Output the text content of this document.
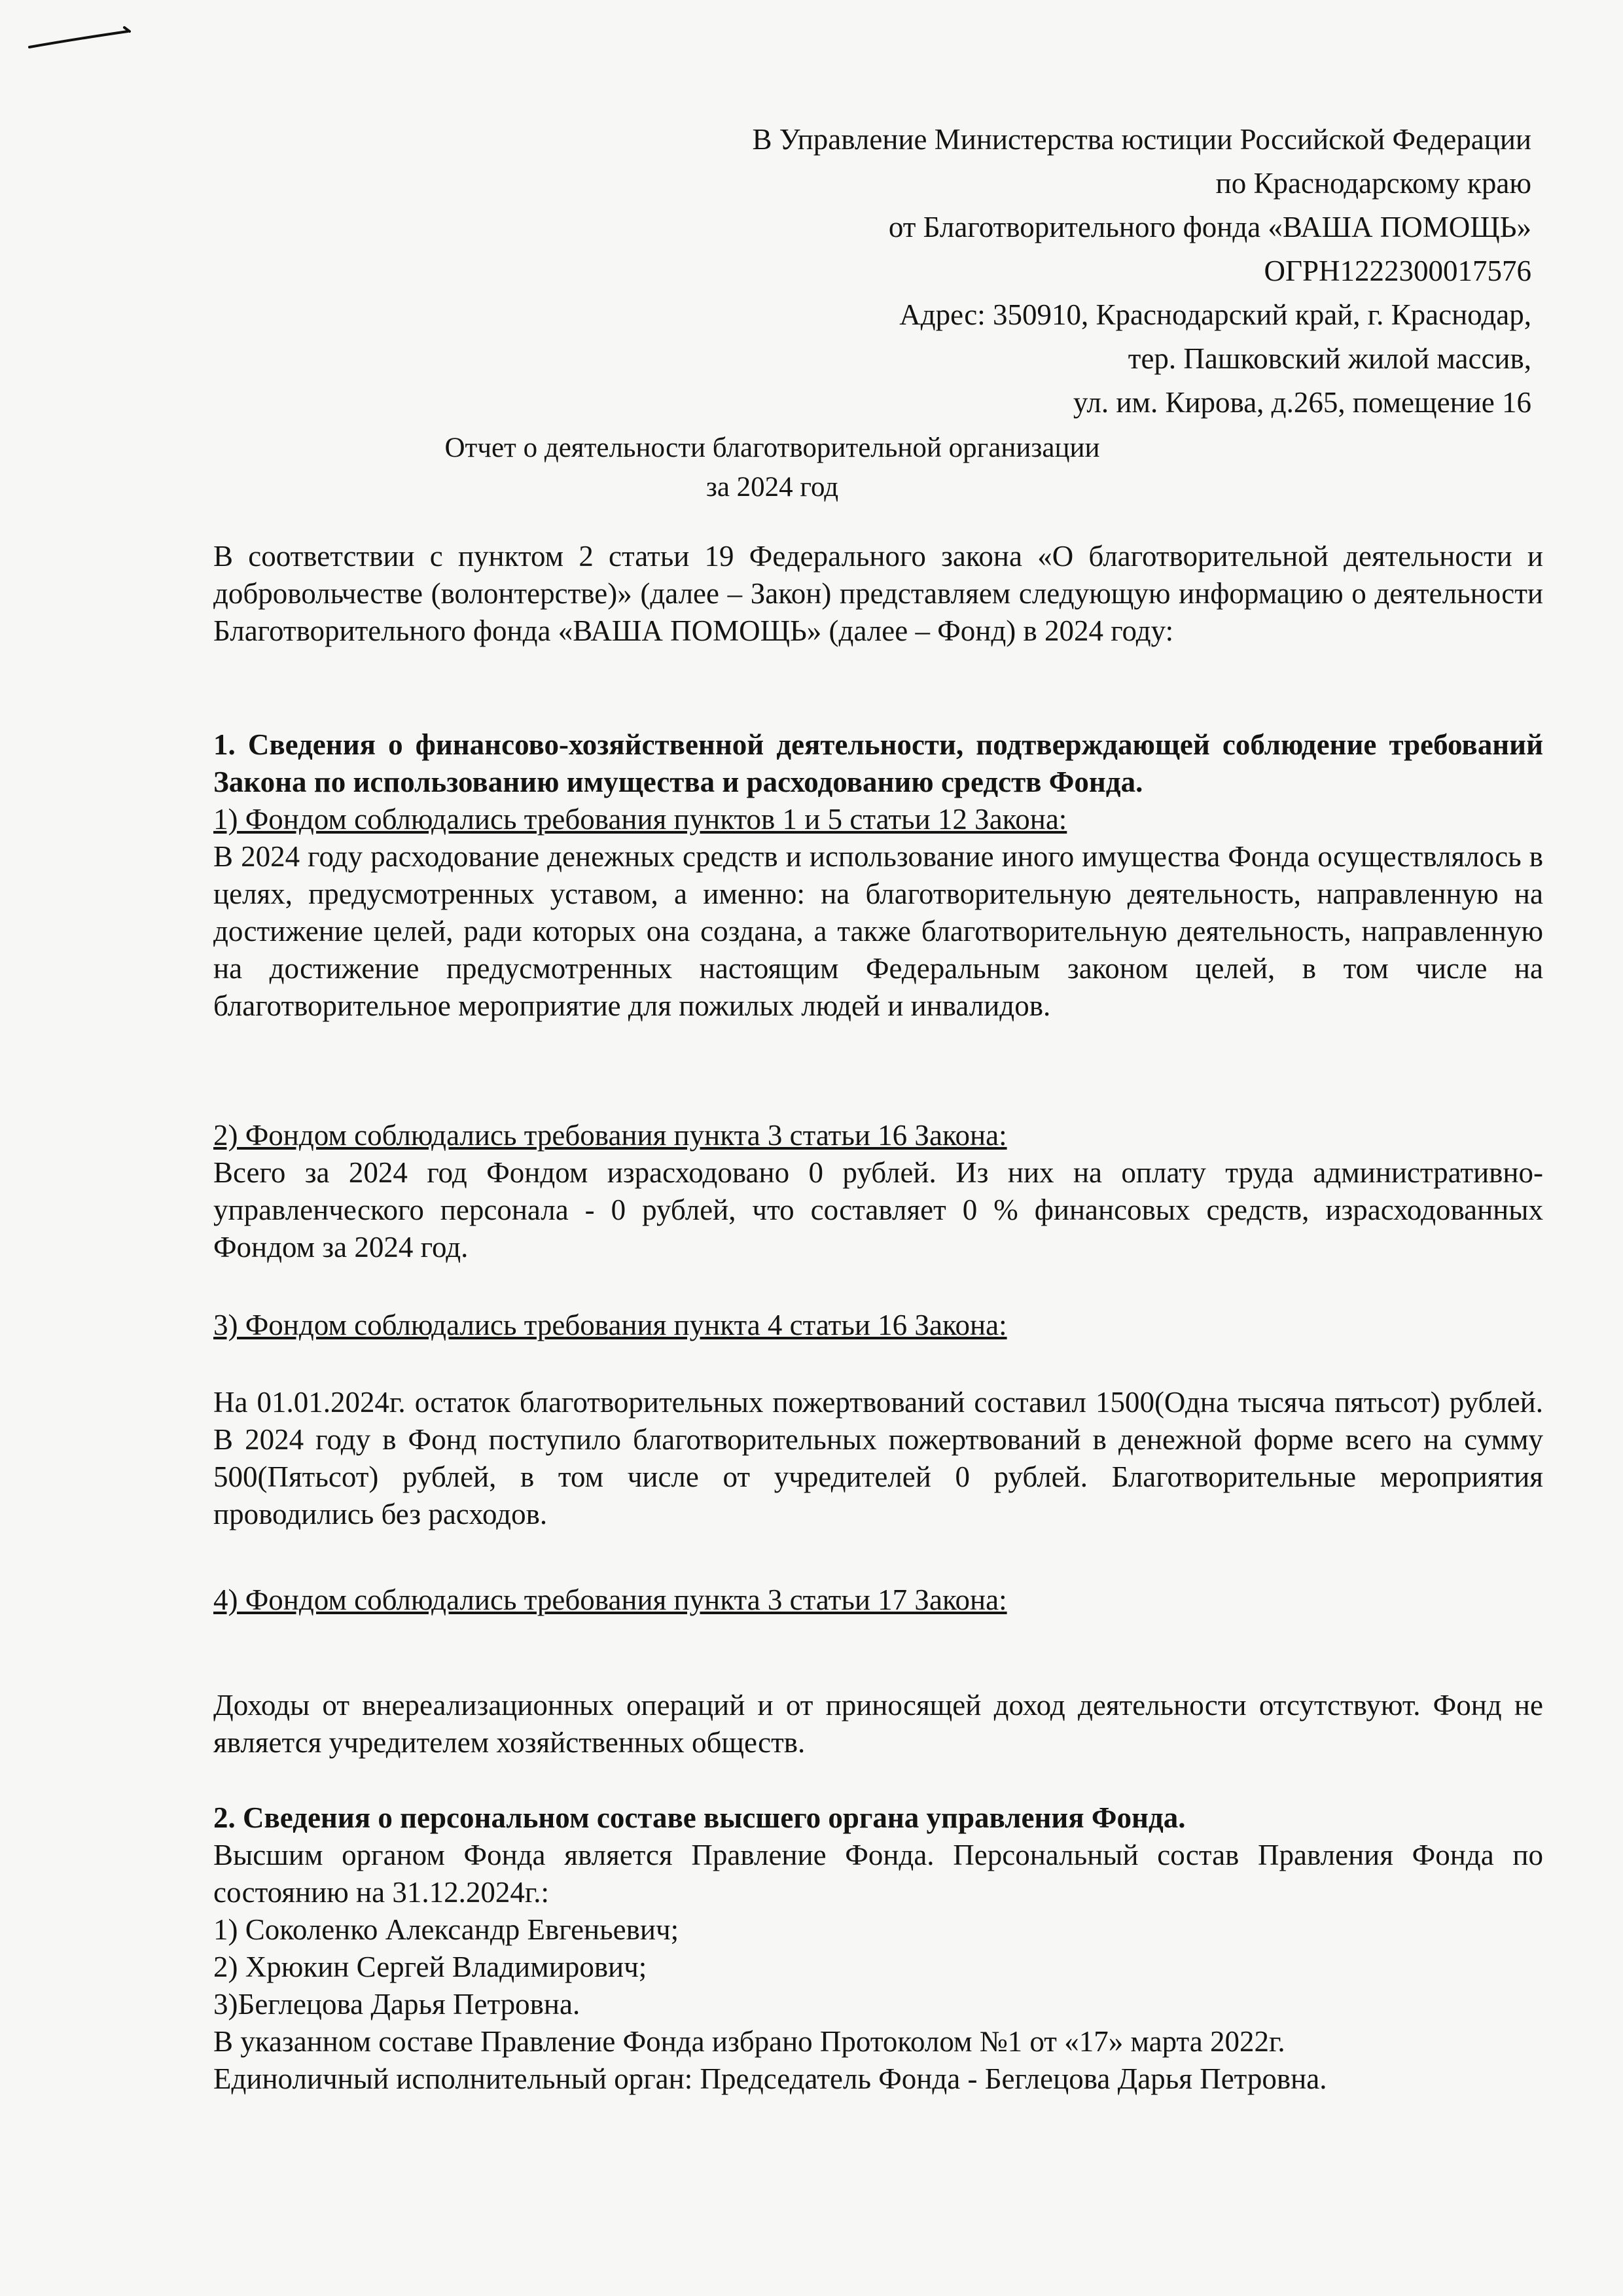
В Управление Министерства юстиции Российской Федерации
по Краснодарскому краю
от Благотворительного фонда «ВАША ПОМОЩЬ»
ОГРН1222300017576
Адрес: 350910, Краснодарский край, г. Краснодар,
тер. Пашковский жилой массив,
ул. им. Кирова, д.265, помещение 16
Отчет о деятельности благотворительной организации
за 2024 год

В соответствии с пунктом 2 статьи 19 Федерального закона «О благотворительной деятельности и добровольчестве (волонтерстве)» (далее – Закон) представляем следующую информацию о деятельности Благотворительного фонда «ВАША ПОМОЩЬ» (далее – Фонд) в 2024 году:

1. Сведения о финансово-хозяйственной деятельности, подтверждающей соблюдение требований Закона по использованию имущества и расходованию средств Фонда.

1) Фондом соблюдались требования пунктов 1 и 5 статьи 12 Закона:

В 2024 году расходование денежных средств и использование иного имущества Фонда осуществлялось в целях, предусмотренных уставом, а именно: на благотворительную деятельность, направленную на достижение целей, ради которых она создана, а также благотворительную деятельность, направленную на достижение предусмотренных настоящим Федеральным законом целей, в том числе на благотворительное мероприятие для пожилых людей и инвалидов.

2) Фондом соблюдались требования пункта 3 статьи 16 Закона:

Всего за 2024 год Фондом израсходовано 0 рублей. Из них на оплату труда административно-управленческого персонала - 0 рублей, что составляет 0 % финансовых средств, израсходованных Фондом за 2024 год.

3) Фондом соблюдались требования пункта 4 статьи 16 Закона:

На 01.01.2024г. остаток благотворительных пожертвований составил 1500(Одна тысяча пятьсот) рублей. В 2024 году в Фонд поступило благотворительных пожертвований в денежной форме всего на сумму 500(Пятьсот) рублей, в том числе от учредителей 0 рублей. Благотворительные мероприятия проводились без расходов.

4) Фондом соблюдались требования пункта 3 статьи 17 Закона:

Доходы от внереализационных операций и от приносящей доход деятельности отсутствуют. Фонд не является учредителем хозяйственных обществ.

2. Сведения о персональном составе высшего органа управления Фонда.

Высшим органом Фонда является Правление Фонда. Персональный состав Правления Фонда по состоянию на 31.12.2024г.:

1) Соколенко Александр Евгеньевич;
2) Хрюкин Сергей Владимирович;
3)Беглецова Дарья Петровна.

В указанном составе Правление Фонда избрано Протоколом №1 от «17» марта 2022г.

Единоличный исполнительный орган: Председатель Фонда - Беглецова Дарья Петровна.
